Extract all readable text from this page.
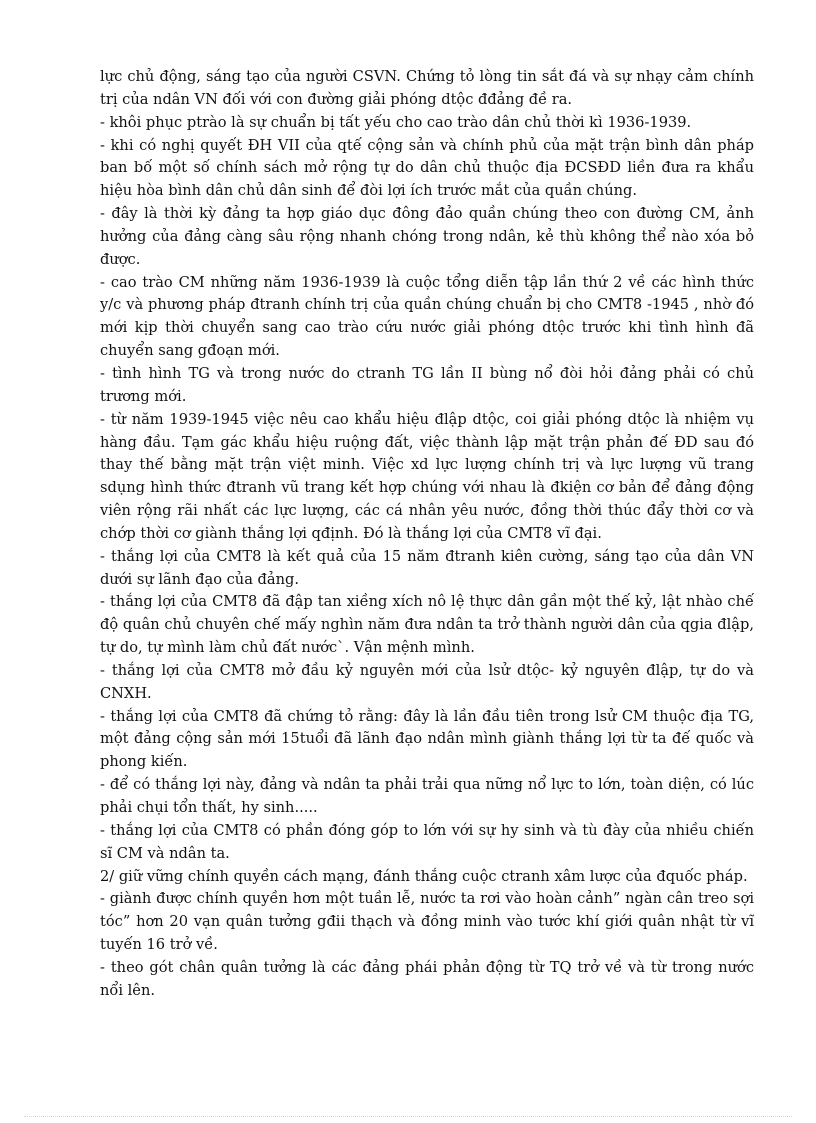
lực chủ động, sáng tạo của người CSVN. Chứng tỏ lòng tin sắt đá và sự nhạy cảm chính trị của ndân VN đối với con đường giải phóng dtộc đđảng đề ra.

- khôi phục ptrào là sự chuẩn bị tất yếu cho cao trào dân chủ thời kì 1936-1939.

- khi có nghị quyết ĐH VII của qtế cộng sản và chính phủ của mặt trận bình dân pháp ban bố một số chính sách mở rộng tự do dân chủ thuộc địa ĐCSĐD liền đưa ra khẩu hiệu hòa bình dân chủ dân sinh để đòi lợi ích trước mắt của quần chúng.

- đây là thời kỳ đảng ta hợp giáo dục đông đảo quần chúng theo con đường CM, ảnh hưởng của đảng càng sâu rộng nhanh chóng trong ndân, kẻ thù không thể nào xóa bỏ được.

- cao trào CM những năm 1936-1939 là cuộc tổng diễn tập lần thứ 2 về các hình thức y/c và phương pháp đtranh chính trị của quần chúng chuẩn bị cho CMT8 -1945 , nhờ đó mới kịp thời chuyển sang cao trào cứu nước giải phóng dtộc trước khi tình hình đã chuyển sang gđoạn mới.

- tình hình TG và trong nước do ctranh TG lần II bùng nổ đòi hỏi đảng phải có chủ trương mới.

- từ năm 1939-1945 việc nêu cao khẩu hiệu đlập dtộc, coi giải phóng dtộc là nhiệm vụ hàng đầu. Tạm gác khẩu hiệu ruộng đất, việc thành lập mặt trận phản đế ĐD sau đó thay thế bằng mặt trận việt minh. Việc xd lực lượng chính trị và lực lượng vũ trang sdụng hình thức đtranh vũ trang kết hợp chúng với nhau là đkiện cơ bản để đảng động viên rộng rãi nhất các lực lượng, các cá nhân yêu nước, đồng thời thúc đẩy thời cơ và chớp thời cơ giành thắng lợi qđịnh. Đó là thắng lợi của CMT8 vĩ đại.

- thắng lợi của CMT8 là kết quả của 15 năm đtranh kiên cường, sáng tạo của dân VN dưới sự lãnh đạo của đảng.

- thắng lợi của CMT8 đã đập tan xiềng xích nô lệ thực dân gần một thế kỷ, lật nhào chế độ quân chủ chuyên chế mấy nghìn năm đưa ndân ta trở thành người dân của qgia đlập, tự do, tự mình làm chủ đất nước`. Vận mệnh mình.

- thắng lợi của CMT8 mở đầu kỷ nguyên mới của lsử dtộc- kỷ nguyên đlập, tự do và CNXH.

- thắng lợi của CMT8 đã chứng tỏ rằng: đây là lần đầu tiên trong lsử CM thuộc địa TG, một đảng cộng sản mới 15tuổi đã lãnh đạo ndân mình giành thắng lợi từ ta đế quốc và phong kiến.

- để có thắng lợi này, đảng và ndân ta phải trải qua nững nổ lực to lớn, toàn diện, có lúc phải chụi tổn thất, hy sinh.....

- thắng lợi của CMT8 có phần đóng góp to lớn với sự hy sinh và tù đày của nhiều chiến sĩ CM và ndân ta.

2/ giữ vững chính quyền cách mạng, đánh thắng cuộc ctranh xâm lược của đquốc pháp.

- giành được chính quyền hơn một tuần lễ, nước ta rơi vào hoàn cảnh” ngàn cân treo sợi tóc” hơn 20 vạn quân tưởng gđii thạch và đồng minh vào tước khí giới quân nhật từ vĩ tuyến 16 trở về.

- theo gót chân quân tưởng là các đảng phái phản động từ TQ trở về và từ trong nước nổi lên.
